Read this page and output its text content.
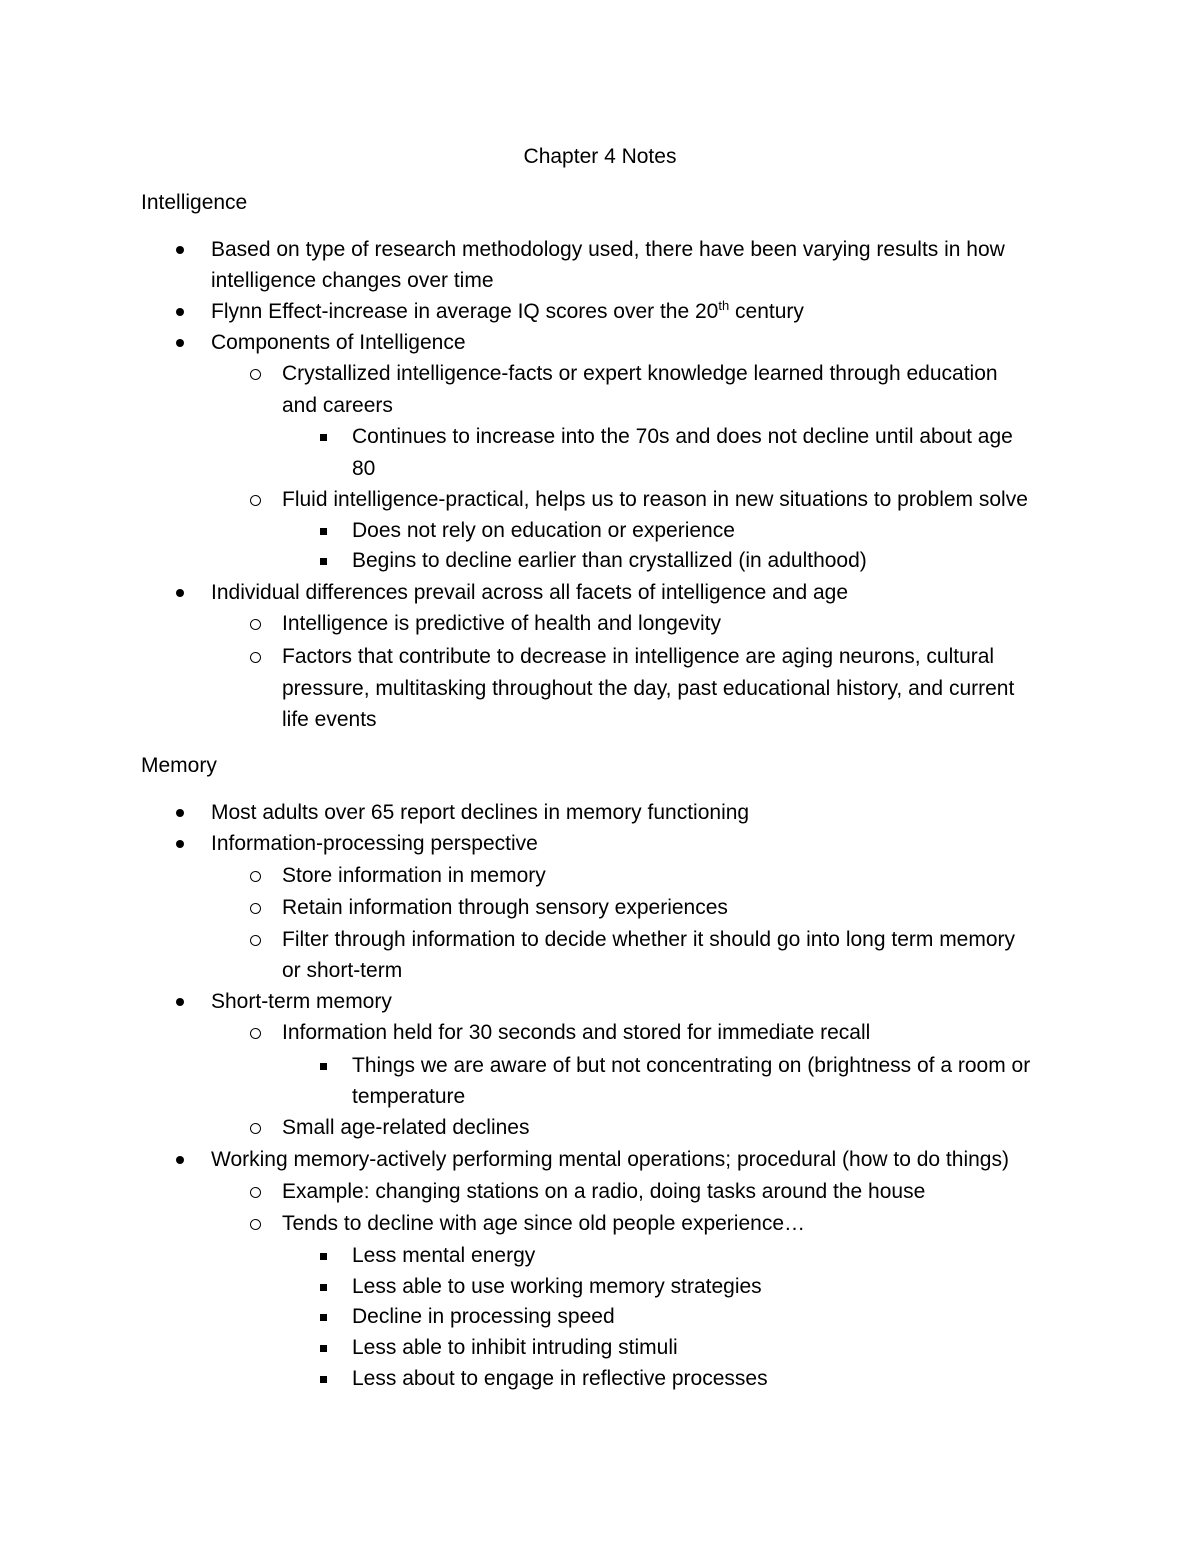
Chapter 4 Notes
Intelligence
Based on type of research methodology used, there have been varying results in how
intelligence changes over time
Flynn Effect-increase in average IQ scores over the 20th century
Components of Intelligence
Crystallized intelligence-facts or expert knowledge learned through education
and careers
Continues to increase into the 70s and does not decline until about age
80
Fluid intelligence-practical, helps us to reason in new situations to problem solve
Does not rely on education or experience
Begins to decline earlier than crystallized (in adulthood)
Individual differences prevail across all facets of intelligence and age
Intelligence is predictive of health and longevity
Factors that contribute to decrease in intelligence are aging neurons, cultural
pressure, multitasking throughout the day, past educational history, and current
life events
Memory
Most adults over 65 report declines in memory functioning
Information-processing perspective
Store information in memory
Retain information through sensory experiences
Filter through information to decide whether it should go into long term memory
or short-term
Short-term memory
Information held for 30 seconds and stored for immediate recall
Things we are aware of but not concentrating on (brightness of a room or
temperature
Small age-related declines
Working memory-actively performing mental operations; procedural (how to do things)
Example: changing stations on a radio, doing tasks around the house
Tends to decline with age since old people experience…
Less mental energy
Less able to use working memory strategies
Decline in processing speed
Less able to inhibit intruding stimuli
Less about to engage in reflective processes
